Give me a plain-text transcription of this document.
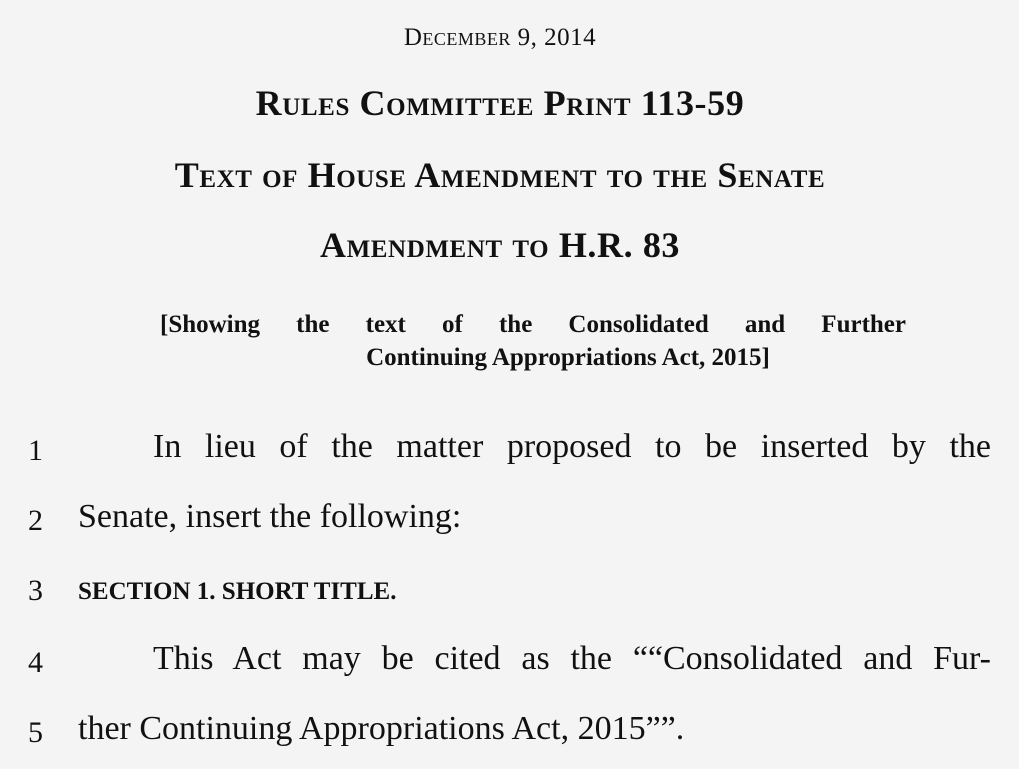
December 9, 2014
Rules Committee Print 113-59
Text of House Amendment to the Senate
Amendment to H.R. 83
[Showing the text of the Consolidated and Further
Continuing Appropriations Act, 2015]
1	In lieu of the matter proposed to be inserted by the
2	Senate, insert the following:
3	SECTION 1. SHORT TITLE.
4	This Act may be cited as the ““Consolidated and Fur-
5	ther Continuing Appropriations Act, 2015””.
